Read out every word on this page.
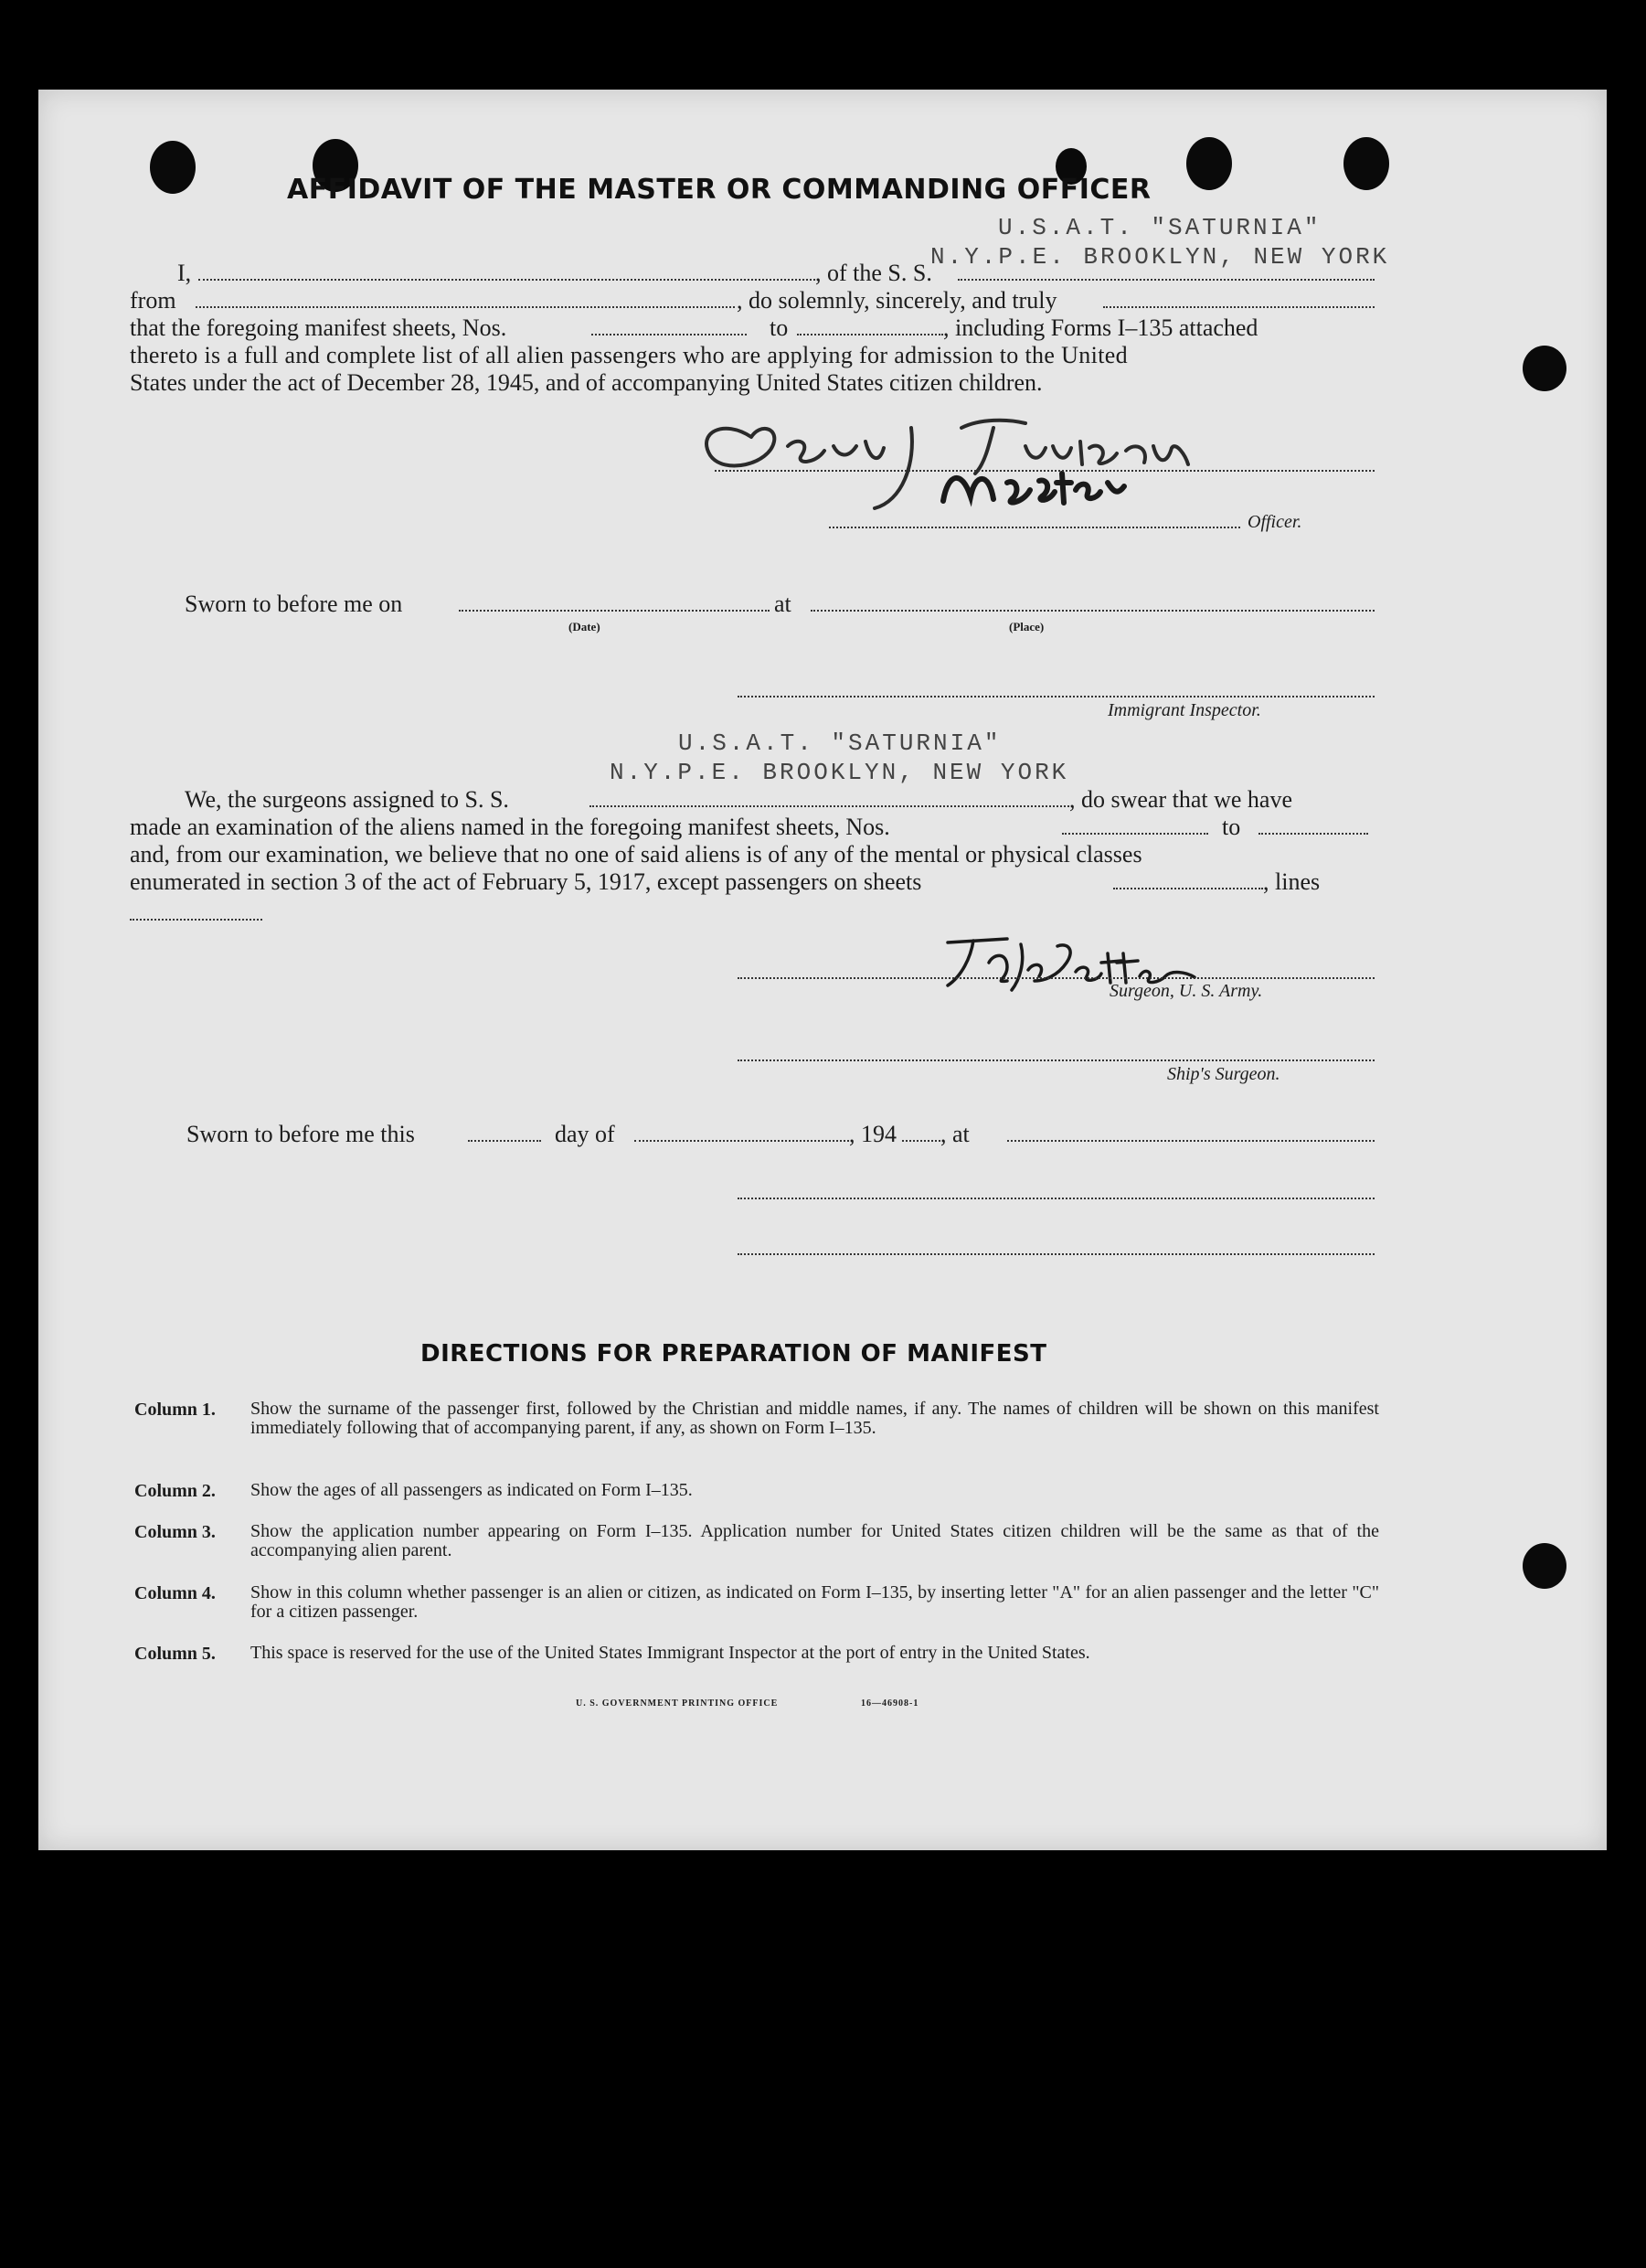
AFFIDAVIT OF THE MASTER OR COMMANDING OFFICER
U.S.A.T. "SATURNIA"
N.Y.P.E. BROOKLYN, NEW YORK
I,	, of the S. S.
from	, do solemnly, sincerely, and truly
that the foregoing manifest sheets, Nos.	to	, including Forms I–135 attached
thereto is a full and complete list of all alien passengers who are applying for admission to the United
States under the act of December 28, 1945, and of accompanying United States citizen children.
Officer.
Sworn to before me on	at
(Date)	(Place)
Immigrant Inspector.
U.S.A.T. "SATURNIA"
N.Y.P.E. BROOKLYN, NEW YORK
We, the surgeons assigned to S. S.	, do swear that we have
made an examination of the aliens named in the foregoing manifest sheets, Nos.	to
and, from our examination, we believe that no one of said aliens is of any of the mental or physical classes
enumerated in section 3 of the act of February 5, 1917, except passengers on sheets	, lines
Surgeon, U. S. Army.
Ship's Surgeon.
Sworn to before me this	day of	, 194 , at
DIRECTIONS FOR PREPARATION OF MANIFEST
Column 1. Show the surname of the passenger first, followed by the Christian and middle names, if any. The names of children will be shown on this manifest immediately following that of accompanying parent, if any, as shown on Form I–135.
Column 2. Show the ages of all passengers as indicated on Form I–135.
Column 3. Show the application number appearing on Form I–135. Application number for United States citizen children will be the same as that of the accompanying alien parent.
Column 4. Show in this column whether passenger is an alien or citizen, as indicated on Form I–135, by inserting letter "A" for an alien passenger and the letter "C" for a citizen passenger.
Column 5. This space is reserved for the use of the United States Immigrant Inspector at the port of entry in the United States.
U. S. GOVERNMENT PRINTING OFFICE	16—46908-1
